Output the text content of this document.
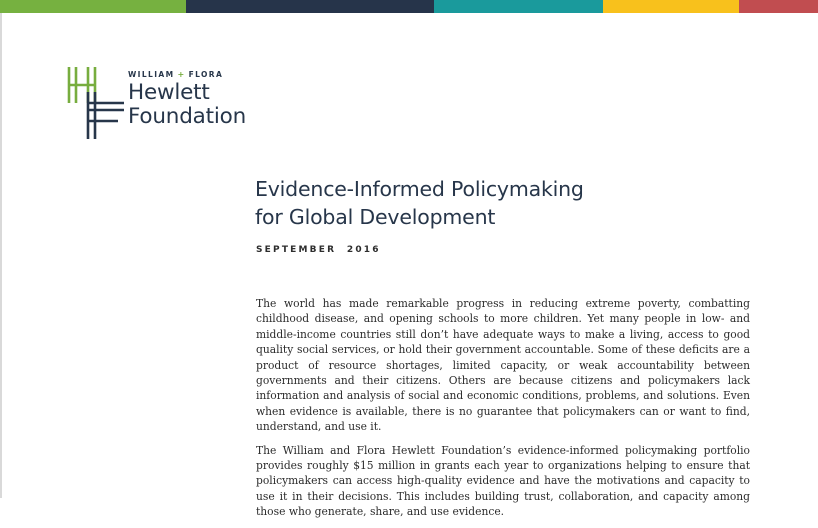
WILLIAM + FLORA
Hewlett
Foundation
Evidence-Informed Policymaking
for Global Development
SEPTEMBER  2016

The world has made remarkable progress in reducing extreme poverty, combatting childhood disease, and opening schools to more children. Yet many people in low- and middle-income countries still don’t have adequate ways to make a living, access to good quality social services, or hold their government accountable. Some of these deficits are a product of resource shortages, limited capacity, or weak accountability between governments and their citizens. Others are because citizens and policymakers lack information and analysis of social and economic conditions, problems, and solutions. Even when evidence is available, there is no guarantee that policymakers can or want to find, understand, and use it.

The William and Flora Hewlett Foundation’s evidence-informed policymaking portfolio provides roughly $15 million in grants each year to organizations helping to ensure that policymakers can access high-quality evidence and have the motivations and capacity to use it in their decisions. This includes building trust, collaboration, and capacity among those who generate, share, and use evidence.
